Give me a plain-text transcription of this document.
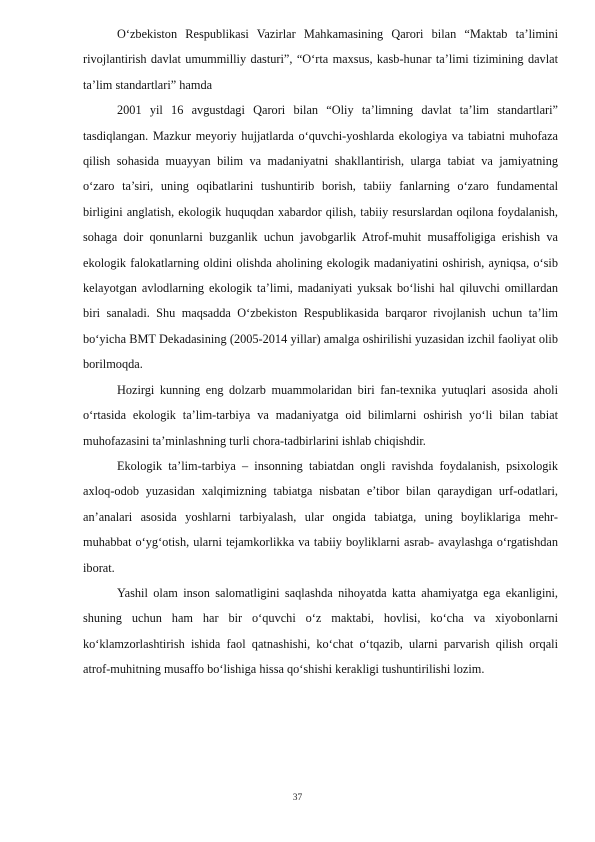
O‘zbekiston Respublikasi Vazirlar Mahkamasining Qarori bilan “Maktab ta’limini rivojlantirish davlat umummilliy dasturi”, “O‘rta maxsus, kasb-hunar ta’limi tizimining davlat ta’lim standartlari” hamda

2001 yil 16 avgustdagi Qarori bilan “Oliy ta’limning davlat ta’lim standartlari” tasdiqlangan. Mazkur meyoriy hujjatlarda o‘quvchi-yoshlarda ekologiya va tabiatni muhofaza qilish sohasida muayyan bilim va madaniyatni shakllantirish, ularga tabiat va jamiyatning o‘zaro ta’siri, uning oqibatlarini tushuntirib borish, tabiiy fanlarning o‘zaro fundamental birligini anglatish, ekologik huquqdan xabardor qilish, tabiiy resurslardan oqilona foydalanish, sohaga doir qonunlarni buzganlik uchun javobgarlik Atrof-muhit musaffoligiga erishish va ekologik falokatlarning oldini olishda aholining ekologik madaniyatini oshirish, ayniqsa, o‘sib kelayotgan avlodlarning ekologik ta’limi, madaniyati yuksak bo‘lishi hal qiluvchi omillardan biri sanaladi. Shu maqsadda O‘zbekiston Respublikasida barqaror rivojlanish uchun ta’lim bo‘yicha BMT Dekadasining (2005-2014 yillar) amalga oshirilishi yuzasidan izchil faoliyat olib borilmoqda.

Hozirgi kunning eng dolzarb muammolaridan biri fan-texnika yutuqlari asosida aholi o‘rtasida ekologik ta’lim-tarbiya va madaniyatga oid bilimlarni oshirish yo‘li bilan tabiat muhofazasini ta’minlashning turli chora-tadbirlarini ishlab chiqishdir.

Ekologik ta’lim-tarbiya – insonning tabiatdan ongli ravishda foydalanish, psixologik axloq-odob yuzasidan xalqimizning tabiatga nisbatan e’tibor bilan qaraydigan urf-odatlari, an’analari asosida yoshlarni tarbiyalash, ular ongida tabiatga, uning boyliklariga mehr- muhabbat o‘yg‘otish, ularni tejamkorlikka va tabiiy boyliklarni asrab- avaylashga o‘rgatishdan iborat.

Yashil olam inson salomatligini saqlashda nihoyatda katta ahamiyatga ega ekanligini, shuning uchun ham har bir o‘quvchi o‘z maktabi, hovlisi, ko‘cha va xiyobonlarni ko‘klamzorlashtirish ishida faol qatnashishi, ko‘chat o‘tqazib, ularni parvarish qilish orqali atrof-muhitning musaffo bo‘lishiga hissa qo‘shishi kerakligi tushuntirilishi lozim.

37
